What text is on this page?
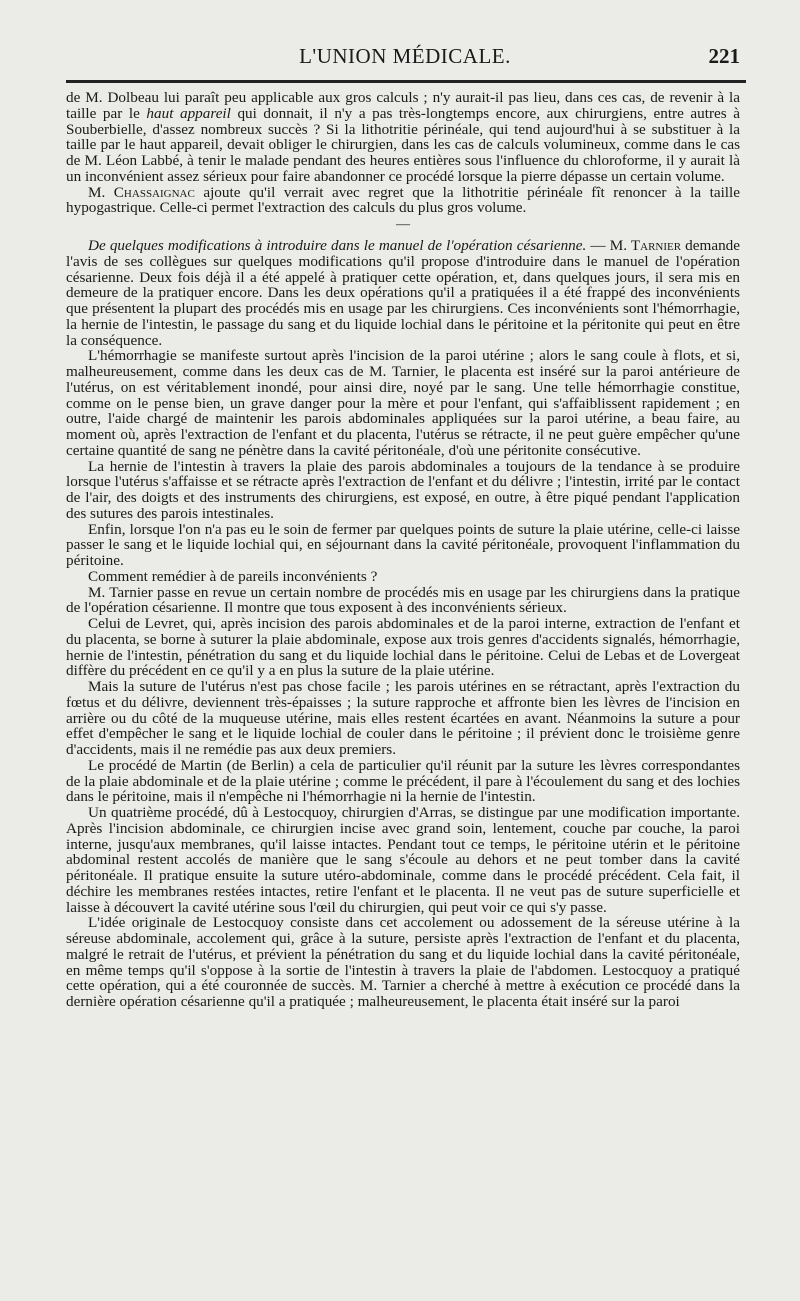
L'UNION MÉDICALE.	221

de M. Dolbeau lui paraît peu applicable aux gros calculs ; n'y aurait-il pas lieu, dans ces cas, de revenir à la taille par le haut appareil qui donnait, il n'y a pas très-longtemps encore, aux chirurgiens, entre autres à Souberbielle, d'assez nombreux succès ? Si la lithotritie périnéale, qui tend aujourd'hui à se substituer à la taille par le haut appareil, devait obliger le chirurgien, dans les cas de calculs volumineux, comme dans le cas de M. Léon Labbé, à tenir le malade pendant des heures entières sous l'influence du chloroforme, il y aurait là un inconvénient assez sérieux pour faire abandonner ce procédé lorsque la pierre dépasse un certain volume.

M. Chassaignac ajoute qu'il verrait avec regret que la lithotritie périnéale fît renoncer à la taille hypogastrique. Celle-ci permet l'extraction des calculs du plus gros volume.

—

De quelques modifications à introduire dans le manuel de l'opération césarienne. — M. Tarnier demande l'avis de ses collègues sur quelques modifications qu'il propose d'introduire dans le manuel de l'opération césarienne. Deux fois déjà il a été appelé à pratiquer cette opération, et, dans quelques jours, il sera mis en demeure de la pratiquer encore. Dans les deux opérations qu'il a pratiquées il a été frappé des inconvénients que présentent la plupart des procédés mis en usage par les chirurgiens. Ces inconvénients sont l'hémorrhagie, la hernie de l'intestin, le passage du sang et du liquide lochial dans le péritoine et la péritonite qui peut en être la conséquence.

L'hémorrhagie se manifeste surtout après l'incision de la paroi utérine ; alors le sang coule à flots, et si, malheureusement, comme dans les deux cas de M. Tarnier, le placenta est inséré sur la paroi antérieure de l'utérus, on est véritablement inondé, pour ainsi dire, noyé par le sang. Une telle hémorrhagie constitue, comme on le pense bien, un grave danger pour la mère et pour l'enfant, qui s'affaiblissent rapidement ; en outre, l'aide chargé de maintenir les parois abdominales appliquées sur la paroi utérine, a beau faire, au moment où, après l'extraction de l'enfant et du placenta, l'utérus se rétracte, il ne peut guère empêcher qu'une certaine quantité de sang ne pénètre dans la cavité péritonéale, d'où une péritonite consécutive.

La hernie de l'intestin à travers la plaie des parois abdominales a toujours de la tendance à se produire lorsque l'utérus s'affaisse et se rétracte après l'extraction de l'enfant et du délivre ; l'intestin, irrité par le contact de l'air, des doigts et des instruments des chirurgiens, est exposé, en outre, à être piqué pendant l'application des sutures des parois intestinales.

Enfin, lorsque l'on n'a pas eu le soin de fermer par quelques points de suture la plaie utérine, celle-ci laisse passer le sang et le liquide lochial qui, en séjournant dans la cavité péritonéale, provoquent l'inflammation du péritoine.

Comment remédier à de pareils inconvénients ?

M. Tarnier passe en revue un certain nombre de procédés mis en usage par les chirurgiens dans la pratique de l'opération césarienne. Il montre que tous exposent à des inconvénients sérieux.

Celui de Levret, qui, après incision des parois abdominales et de la paroi interne, extraction de l'enfant et du placenta, se borne à suturer la plaie abdominale, expose aux trois genres d'accidents signalés, hémorrhagie, hernie de l'intestin, pénétration du sang et du liquide lochial dans le péritoine. Celui de Lebas et de Lovergeat diffère du précédent en ce qu'il y a en plus la suture de la plaie utérine.

Mais la suture de l'utérus n'est pas chose facile ; les parois utérines en se rétractant, après l'extraction du fœtus et du délivre, deviennent très-épaisses ; la suture rapproche et affronte bien les lèvres de l'incision en arrière ou du côté de la muqueuse utérine, mais elles restent écartées en avant. Néanmoins la suture a pour effet d'empêcher le sang et le liquide lochial de couler dans le péritoine ; il prévient donc le troisième genre d'accidents, mais il ne remédie pas aux deux premiers.

Le procédé de Martin (de Berlin) a cela de particulier qu'il réunit par la suture les lèvres correspondantes de la plaie abdominale et de la plaie utérine ; comme le précédent, il pare à l'écoulement du sang et des lochies dans le péritoine, mais il n'empêche ni l'hémorrhagie ni la hernie de l'intestin.

Un quatrième procédé, dû à Lestocquoy, chirurgien d'Arras, se distingue par une modification importante. Après l'incision abdominale, ce chirurgien incise avec grand soin, lentement, couche par couche, la paroi interne, jusqu'aux membranes, qu'il laisse intactes. Pendant tout ce temps, le péritoine utérin et le péritoine abdominal restent accolés de manière que le sang s'écoule au dehors et ne peut tomber dans la cavité péritonéale. Il pratique ensuite la suture utéro-abdominale, comme dans le procédé précédent. Cela fait, il déchire les membranes restées intactes, retire l'enfant et le placenta. Il ne veut pas de suture superficielle et laisse à découvert la cavité utérine sous l'œil du chirurgien, qui peut voir ce qui s'y passe.

L'idée originale de Lestocquoy consiste dans cet accolement ou adossement de la séreuse utérine à la séreuse abdominale, accolement qui, grâce à la suture, persiste après l'extraction de l'enfant et du placenta, malgré le retrait de l'utérus, et prévient la pénétration du sang et du liquide lochial dans la cavité péritonéale, en même temps qu'il s'oppose à la sortie de l'intestin à travers la plaie de l'abdomen. Lestocquoy a pratiqué cette opération, qui a été couronnée de succès. M. Tarnier a cherché à mettre à exécution ce procédé dans la dernière opération césarienne qu'il a pratiquée ; malheureusement, le placenta était inséré sur la paroi
